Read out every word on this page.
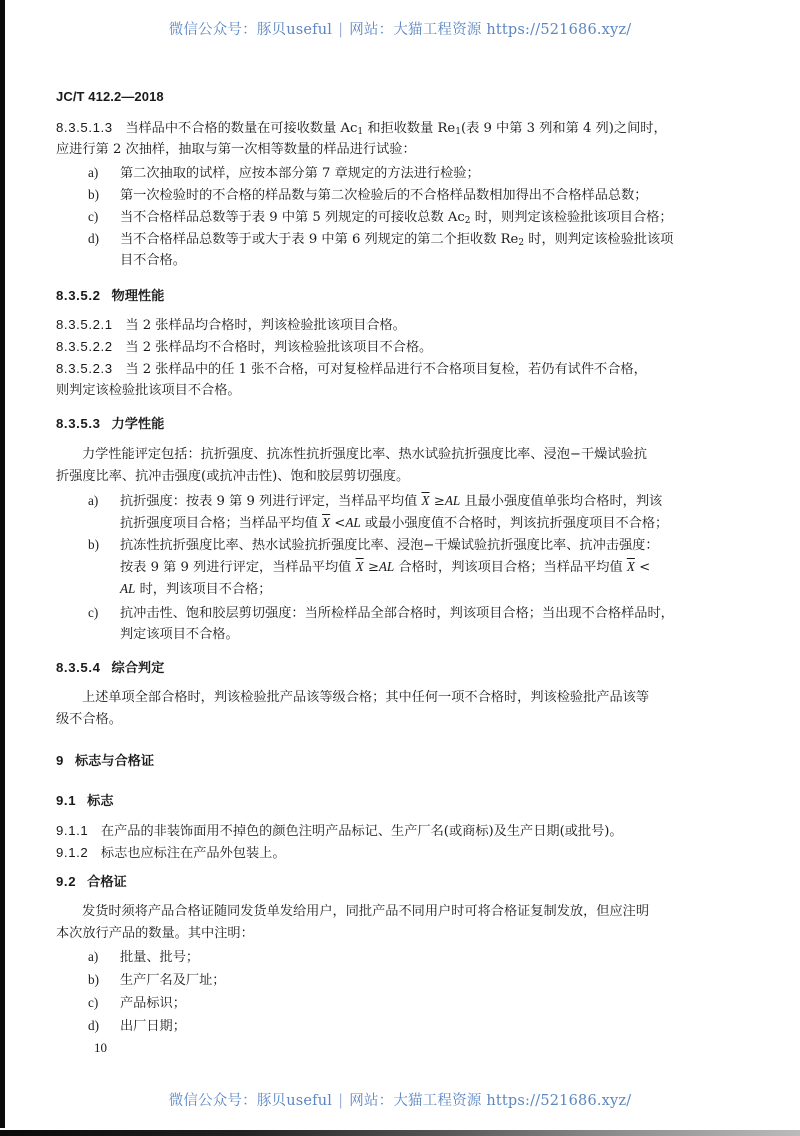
微信公众号：豚贝useful | 网站：大猫工程资源 https://521686.xyz/
JC/T 412.2—2018
8.3.5.1.3 当样品中不合格的数量在可接收数量 $Ac_1$ 和拒收数量 $Re_1$(表 9 中第 3 列和第 4 列)之间时，
应进行第 2 次抽样，抽取与第一次相等数量的样品进行试验：
a) 第二次抽取的试样，应按本部分第 7 章规定的方法进行检验；
b) 第一次检验时的不合格的样品数与第二次检验后的不合格样品数相加得出不合格样品总数；
c) 当不合格样品总数等于表 9 中第 5 列规定的可接收总数 $Ac_2$ 时，则判定该检验批该项目合格；
d) 当不合格样品总数等于或大于表 9 中第 6 列规定的第二个拒收数 $Re_2$ 时，则判定该检验批该项
目不合格。
8.3.5.2 物理性能
8.3.5.2.1 当 2 张样品均合格时，判该检验批该项目合格。
8.3.5.2.2 当 2 张样品均不合格时，判该检验批该项目不合格。
8.3.5.2.3 当 2 张样品中的任 1 张不合格，可对复检样品进行不合格项目复检，若仍有试件不合格，
则判定该检验批该项目不合格。
8.3.5.3 力学性能
力学性能评定包括：抗折强度、抗冻性抗折强度比率、热水试验抗折强度比率、浸泡−干燥试验抗
折强度比率、抗冲击强度(或抗冲击性)、饱和胶层剪切强度。
a) 抗折强度：按表 9 第 9 列进行评定，当样品平均值 $\overline{X} \ge AL$ 且最小强度值单张均合格时，判该
抗折强度项目合格；当样品平均值 $\overline{X} <AL$ 或最小强度值不合格时，判该抗折强度项目不合格；
b) 抗冻性抗折强度比率、热水试验抗折强度比率、浸泡−干燥试验抗折强度比率、抗冲击强度：
按表 9 第 9 列进行评定，当样品平均值 $\overline{X} \ge AL$ 合格时，判该项目合格；当样品平均值 $\overline{X}$ <
AL 时，判该项目不合格；
c) 抗冲击性、饱和胶层剪切强度：当所检样品全部合格时，判该项目合格；当出现不合格样品时，
判定该项目不合格。
8.3.5.4 综合判定
上述单项全部合格时，判该检验批产品该等级合格；其中任何一项不合格时，判该检验批产品该等
级不合格。
9 标志与合格证
9.1 标志
9.1.1 在产品的非装饰面用不掉色的颜色注明产品标记、生产厂名(或商标)及生产日期(或批号)。
9.1.2 标志也应标注在产品外包装上。
9.2 合格证
发货时须将产品合格证随同发货单发给用户，同批产品不同用户时可将合格证复制发放，但应注明
本次放行产品的数量。其中注明：
a) 批量、批号；
b) 生产厂名及厂址；
c) 产品标识；
d) 出厂日期；
10
微信公众号：豚贝useful | 网站：大猫工程资源 https://521686.xyz/
